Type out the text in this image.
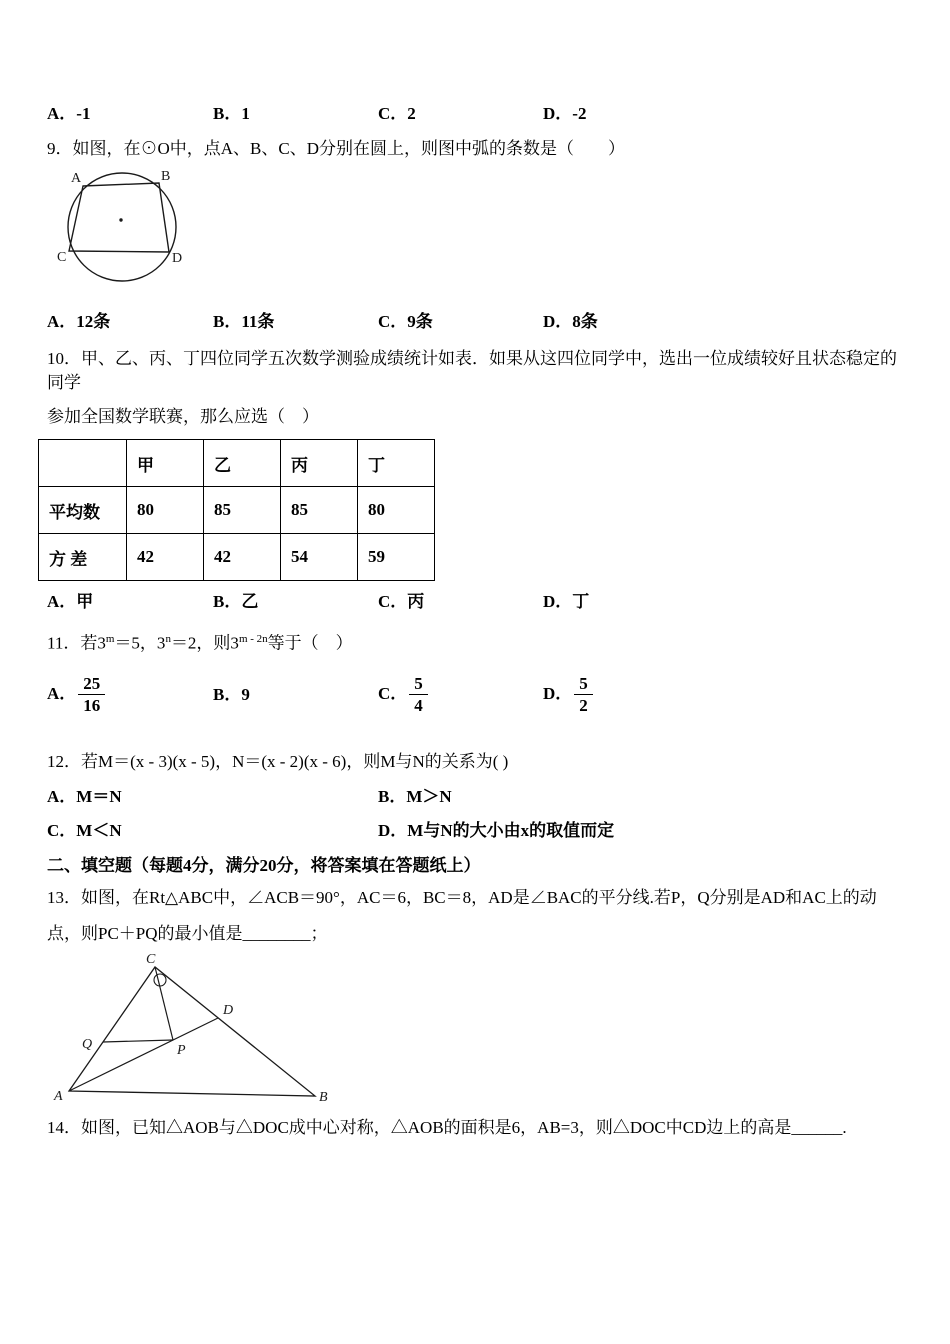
A．-1	B．1	C．2	D．-2
9．如图，在⊙O中，点A、B、C、D分别在圆上，则图中弧的条数是（　　）
A	B
C	D
A．12条	B．11条	C．9条	D．8条
10．甲、乙、丙、丁四位同学五次数学测验成绩统计如表．如果从这四位同学中，选出一位成绩较好且状态稳定的同学
参加全国数学联赛，那么应选（　）
	甲	乙	丙	丁
平均数	80	85	85	80
方 差	42	42	54	59
A．甲	B．乙	C．丙	D．丁
11．若$3^m=5$，$3^n=2$，则$3^{m - 2n}$等于（　）
A． $\frac{25}{16}$	B．9	C． $\frac{5}{4}$	D． $\frac{5}{2}$
12．若M＝(x - 3)(x - 5)，N＝(x - 2)(x - 6)，则M与N的关系为( )
A．M＝N	B．M＞N
C．M＜N	D．M与N的大小由x的取值而定
二、填空题（每题4分，满分20分，将答案填在答题纸上）
13．如图，在Rt△ABC中，∠ACB＝90°，AC＝6，BC＝8，AD是∠BAC的平分线.若P，Q分别是AD和AC上的动
点，则PC＋PQ的最小值是________；
A	B
C
D
P
Q
14．如图，已知△AOB与△DOC成中心对称，△AOB的面积是6，AB=3，则△DOC中CD边上的高是______.
